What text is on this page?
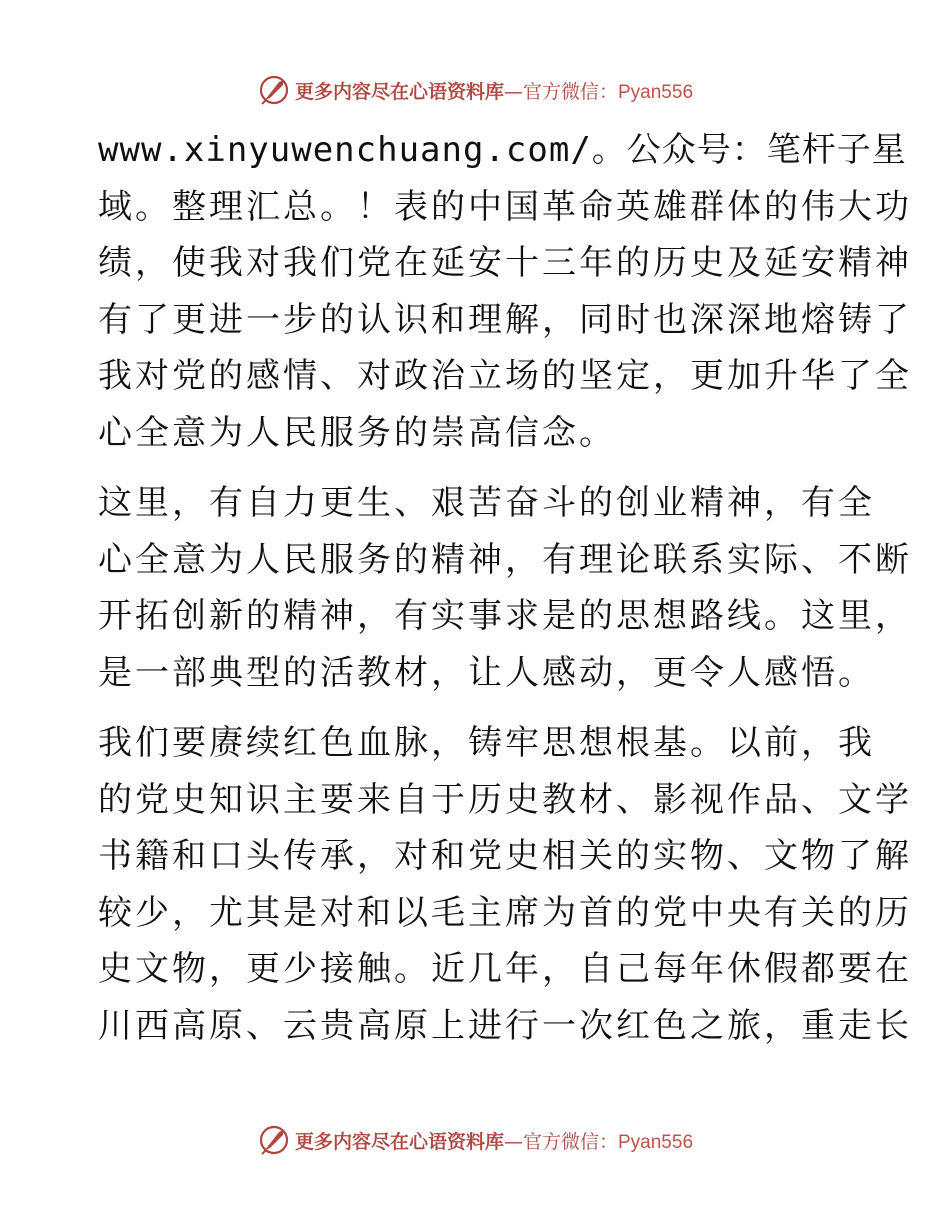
更多内容尽在心语资料库—官方微信：Pyan556
www.xinyuwenchuang.com/。公众号：笔杆子星
域。整理汇总。！表的中国革命英雄群体的伟大功
绩，使我对我们党在延安十三年的历史及延安精神
有了更进一步的认识和理解，同时也深深地熔铸了
我对党的感情、对政治立场的坚定，更加升华了全
心全意为人民服务的崇高信念。
这里，有自力更生、艰苦奋斗的创业精神，有全
心全意为人民服务的精神，有理论联系实际、不断
开拓创新的精神，有实事求是的思想路线。这里，
是一部典型的活教材，让人感动，更令人感悟。
我们要赓续红色血脉，铸牢思想根基。以前，我
的党史知识主要来自于历史教材、影视作品、文学
书籍和口头传承，对和党史相关的实物、文物了解
较少，尤其是对和以毛主席为首的党中央有关的历
史文物，更少接触。近几年，自己每年休假都要在
川西高原、云贵高原上进行一次红色之旅，重走长
更多内容尽在心语资料库—官方微信：Pyan556
